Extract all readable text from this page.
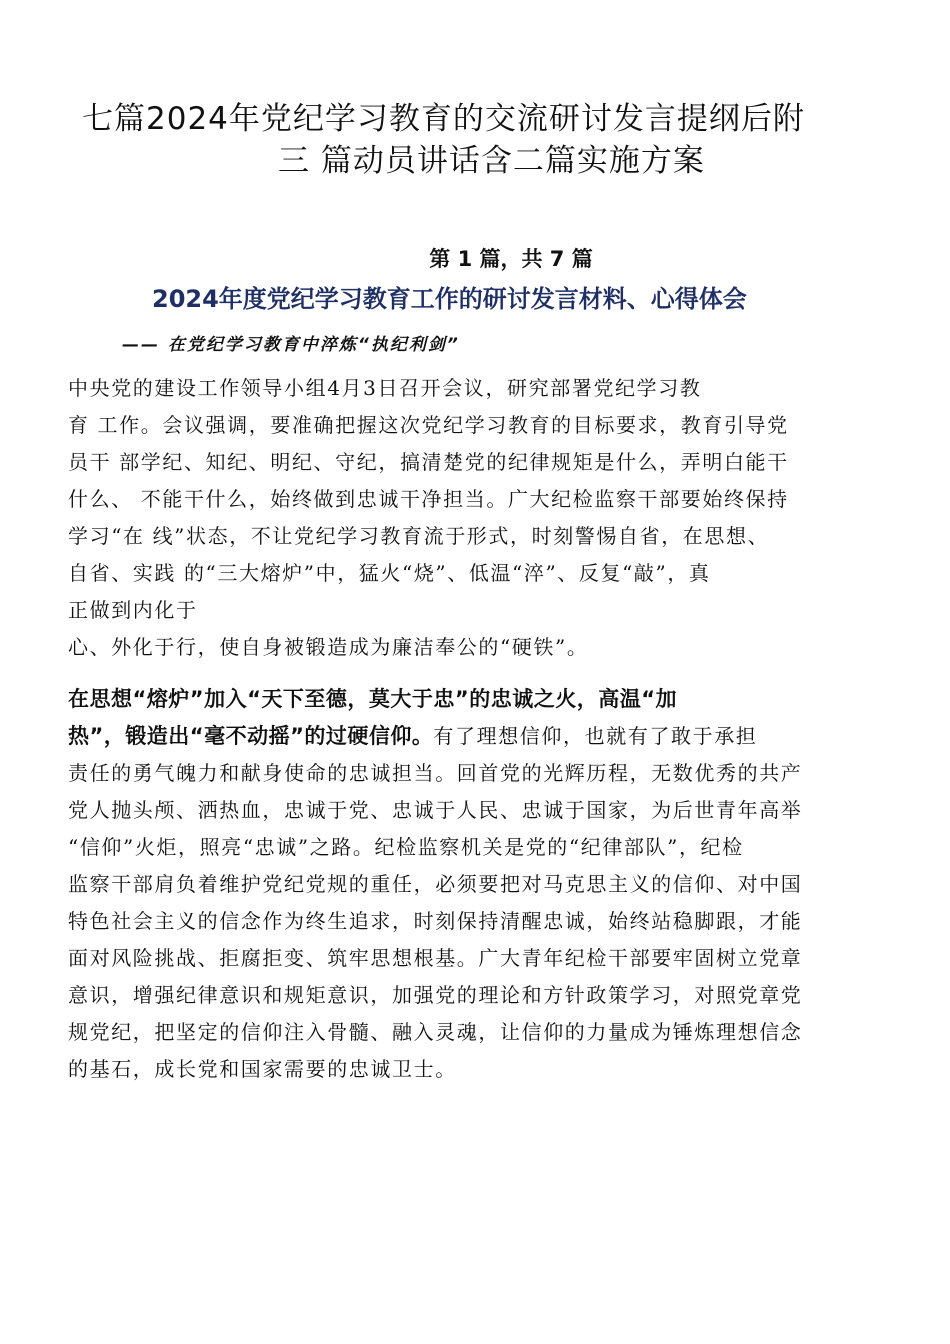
七篇2024年党纪学习教育的交流研讨发言提纲后附
三 篇动员讲话含二篇实施方案
第 1 篇，共 7 篇
2024年度党纪学习教育工作的研讨发言材料、心得体会
—— 在党纪学习教育中淬炼“执纪利剑”
中央党的建设工作领导小组4月3日召开会议，研究部署党纪学习教
育 工作。会议强调，要准确把握这次党纪学习教育的目标要求，教育引导党
员干 部学纪、知纪、明纪、守纪，搞清楚党的纪律规矩是什么，弄明白能干
什么、 不能干什么，始终做到忠诚干净担当。广大纪检监察干部要始终保持
学习“在 线”状态，不让党纪学习教育流于形式，时刻警惕自省，在思想、
自省、实践 的“三大熔炉”中，猛火“烧”、低温“淬”、反复“敲”，真
正做到内化于
心、外化于行，使自身被锻造成为廉洁奉公的“硬铁”。
在思想“熔炉”加入“天下至德，莫大于忠”的忠诚之火，高温“加
热”，锻造出“毫不动摇”的过硬信仰。有了理想信仰，也就有了敢于承担
责任的勇气魄力和献身使命的忠诚担当。回首党的光辉历程，无数优秀的共产
党人抛头颅、洒热血，忠诚于党、忠诚于人民、忠诚于国家，为后世青年高举
“信仰”火炬，照亮“忠诚”之路。纪检监察机关是党的“纪律部队”，纪检
监察干部肩负着维护党纪党规的重任，必须要把对马克思主义的信仰、对中国
特色社会主义的信念作为终生追求，时刻保持清醒忠诚，始终站稳脚跟，才能
面对风险挑战、拒腐拒变、筑牢思想根基。广大青年纪检干部要牢固树立党章
意识，增强纪律意识和规矩意识，加强党的理论和方针政策学习，对照党章党
规党纪，把坚定的信仰注入骨髓、融入灵魂，让信仰的力量成为锤炼理想信念
的基石，成长党和国家需要的忠诚卫士。
